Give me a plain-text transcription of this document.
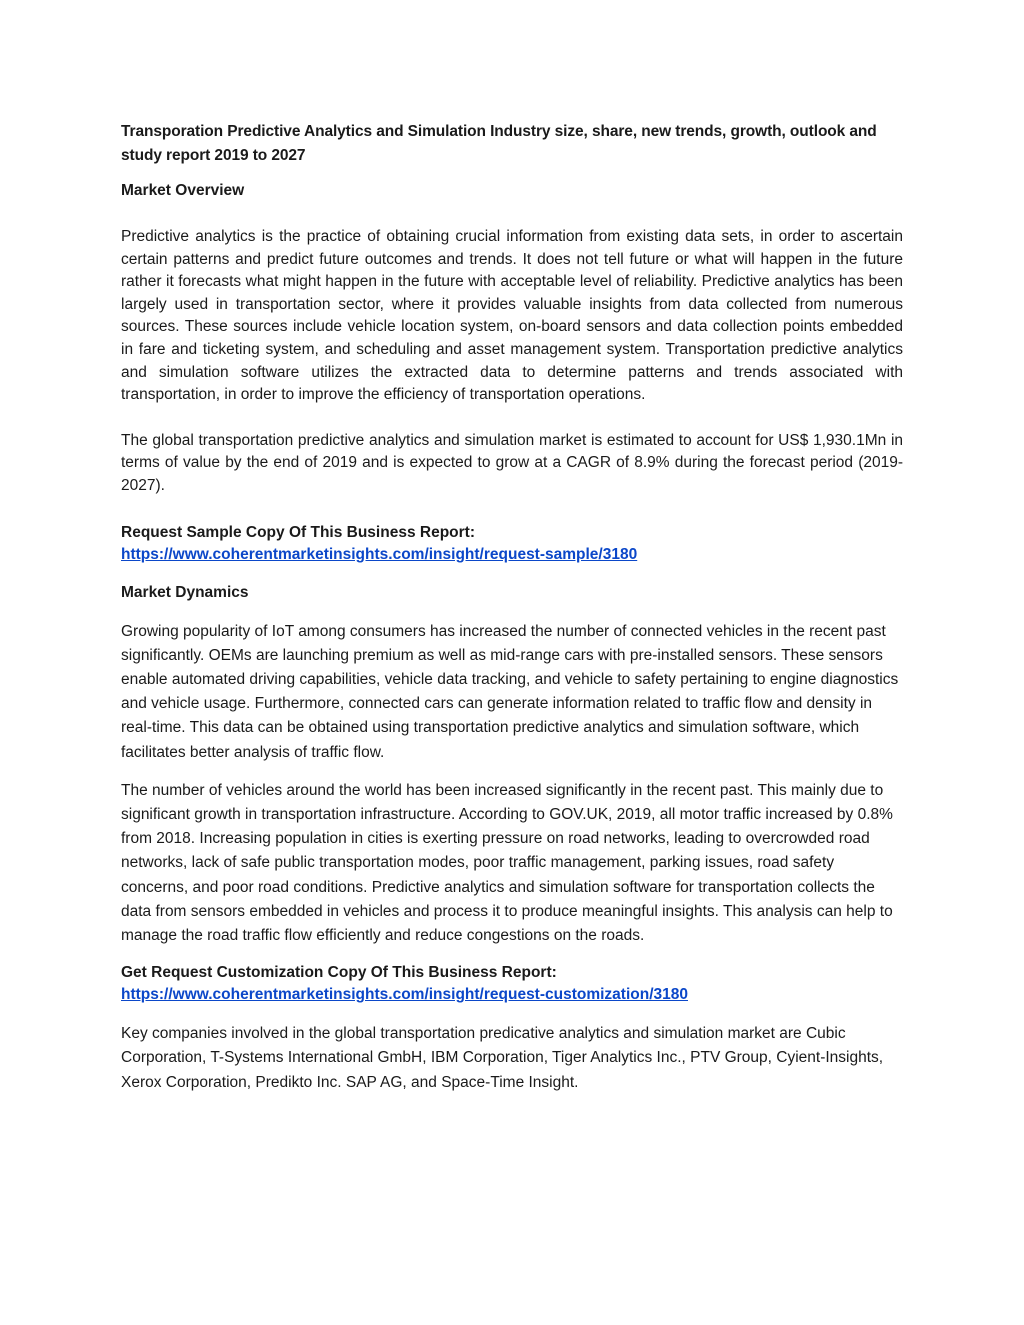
Transporation Predictive Analytics and Simulation Industry size, share, new trends, growth, outlook and study report 2019 to 2027

Market Overview

Predictive analytics is the practice of obtaining crucial information from existing data sets, in order to ascertain certain patterns and predict future outcomes and trends. It does not tell future or what will happen in the future rather it forecasts what might happen in the future with acceptable level of reliability. Predictive analytics has been largely used in transportation sector, where it provides valuable insights from data collected from numerous sources. These sources include vehicle location system, on-board sensors and data collection points embedded in fare and ticketing system, and scheduling and asset management system. Transportation predictive analytics and simulation software utilizes the extracted data to determine patterns and trends associated with transportation, in order to improve the efficiency of transportation operations.

The global transportation predictive analytics and simulation market is estimated to account for US$ 1,930.1Mn in terms of value by the end of 2019 and is expected to grow at a CAGR of 8.9% during the forecast period (2019-2027).

Request Sample Copy Of This Business Report:

https://www.coherentmarketinsights.com/insight/request-sample/3180

Market Dynamics

Growing popularity of IoT among consumers has increased the number of connected vehicles in the recent past significantly. OEMs are launching premium as well as mid-range cars with pre-installed sensors. These sensors enable automated driving capabilities, vehicle data tracking, and vehicle to safety pertaining to engine diagnostics and vehicle usage. Furthermore, connected cars can generate information related to traffic flow and density in real-time. This data can be obtained using transportation predictive analytics and simulation software, which facilitates better analysis of traffic flow.

The number of vehicles around the world has been increased significantly in the recent past. This mainly due to significant growth in transportation infrastructure. According to GOV.UK, 2019, all motor traffic increased by 0.8% from 2018. Increasing population in cities is exerting pressure on road networks, leading to overcrowded road networks, lack of safe public transportation modes, poor traffic management, parking issues, road safety concerns, and poor road conditions. Predictive analytics and simulation software for transportation collects the data from sensors embedded in vehicles and process it to produce meaningful insights. This analysis can help to manage the road traffic flow efficiently and reduce congestions on the roads.

Get Request Customization Copy Of This Business Report:

https://www.coherentmarketinsights.com/insight/request-customization/3180

Key companies involved in the global transportation predicative analytics and simulation market are Cubic Corporation, T-Systems International GmbH, IBM Corporation, Tiger Analytics Inc., PTV Group, Cyient-Insights, Xerox Corporation, Predikto Inc. SAP AG, and Space-Time Insight.
